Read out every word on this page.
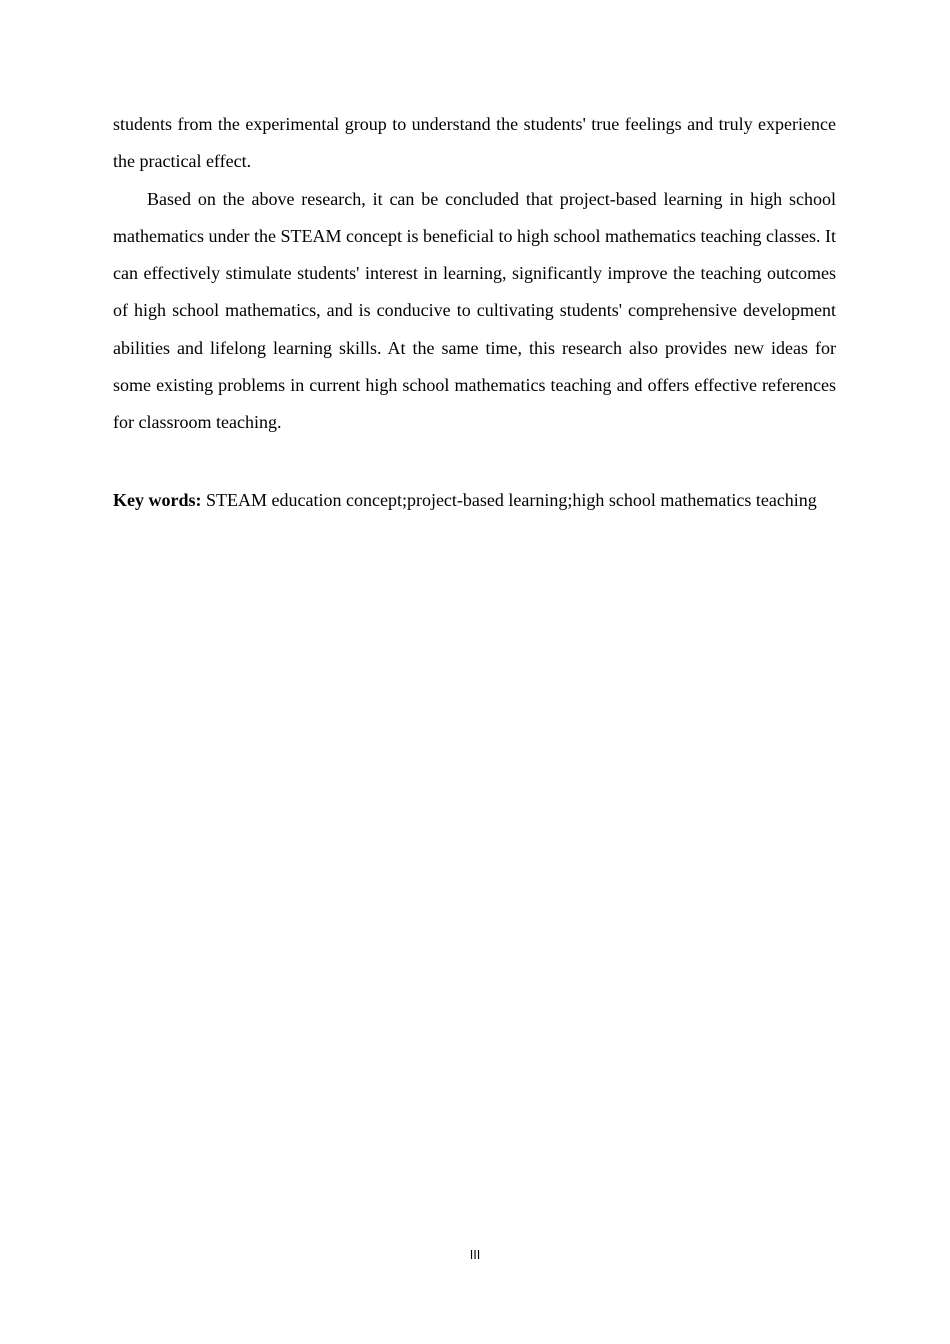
students from the experimental group to understand the students' true feelings and truly experience the practical effect.

Based on the above research, it can be concluded that project-based learning in high school mathematics under the STEAM concept is beneficial to high school mathematics teaching classes. It can effectively stimulate students' interest in learning, significantly improve the teaching outcomes of high school mathematics, and is conducive to cultivating students' comprehensive development abilities and lifelong learning skills. At the same time, this research also provides new ideas for some existing problems in current high school mathematics teaching and offers effective references for classroom teaching.

Key words: STEAM education concept;project-based learning;high school mathematics teaching
III
